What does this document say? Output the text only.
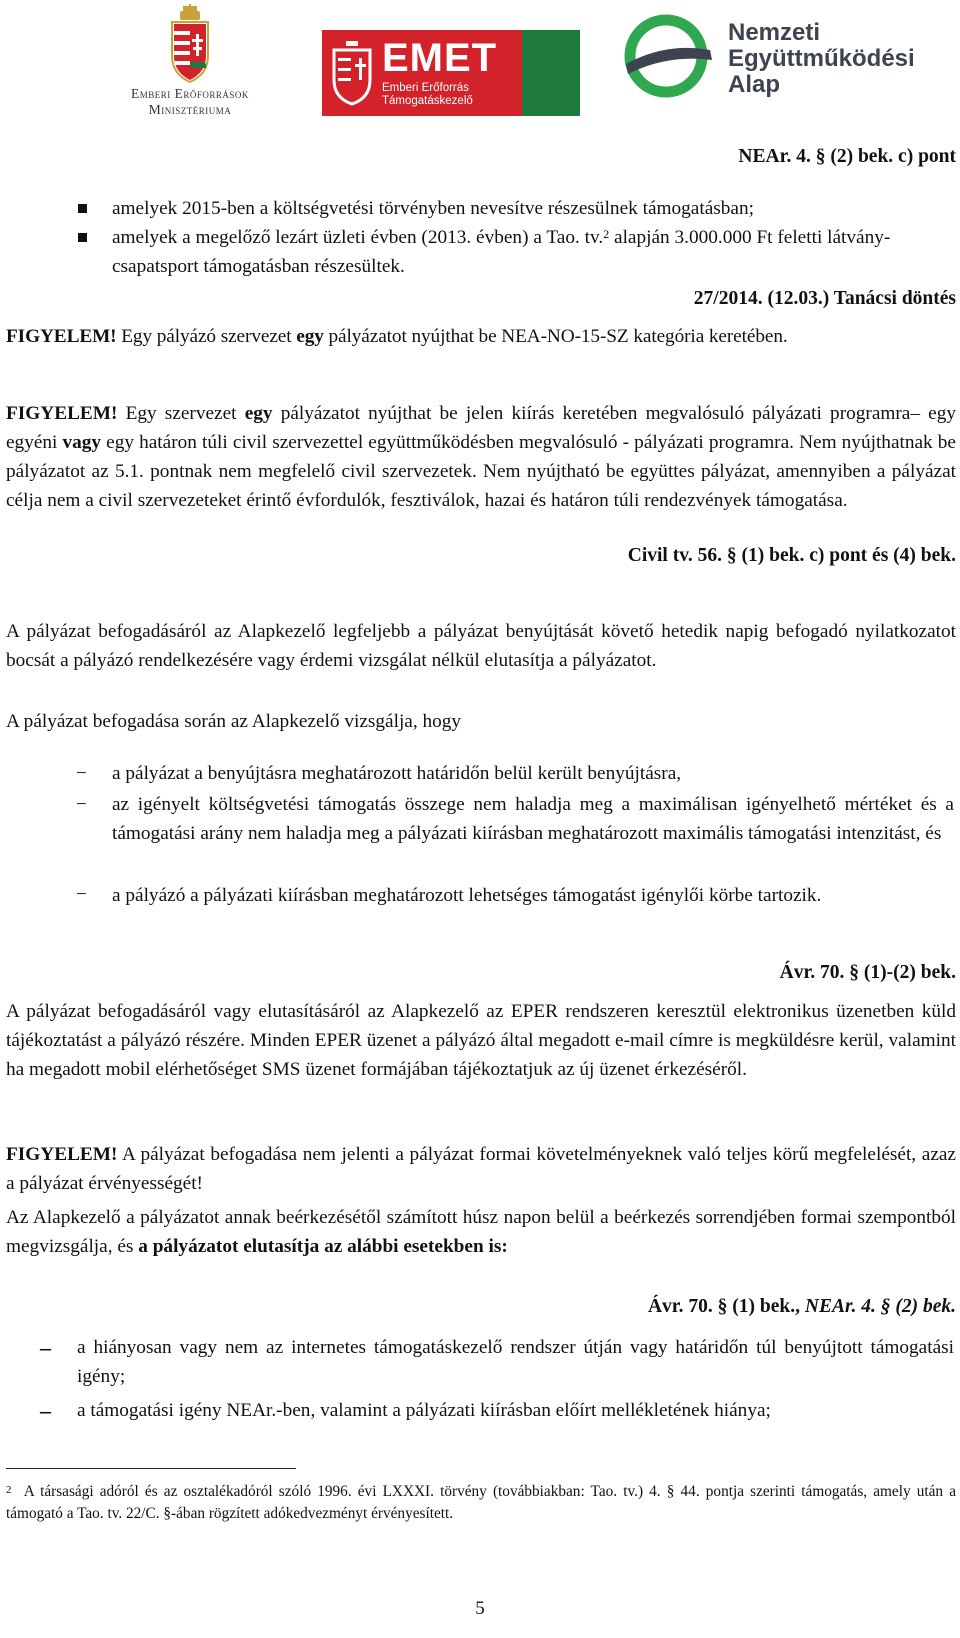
Emberi Erőforrások
Minisztériuma
EMET
Emberi Erőforrás
Támogatáskezelő
Nemzeti
Együttműködési
Alap
NEAr. 4. § (2) bek. c) pont
amelyek 2015-ben a költségvetési törvényben nevesítve részesülnek támogatásban;
amelyek a megelőző lezárt üzleti évben (2013. évben) a Tao. tv.$^2$ alapján 3.000.000 Ft feletti látvány-csapatsport támogatásban részesültek.
27/2014. (12.03.) Tanácsi döntés

FIGYELEM! Egy pályázó szervezet egy pályázatot nyújthat be NEA-NO-15-SZ kategória keretében.

FIGYELEM! Egy szervezet egy pályázatot nyújthat be jelen kiírás keretében megvalósuló pályázati programra– egy egyéni vagy egy határon túli civil szervezettel együttműködésben megvalósuló - pályázati programra. Nem nyújthatnak be pályázatot az 5.1. pontnak nem megfelelő civil szervezetek. Nem nyújtható be együttes pályázat, amennyiben a pályázat célja nem a civil szervezeteket érintő évfordulók, fesztiválok, hazai és határon túli rendezvények támogatása.

Civil tv. 56. § (1) bek. c) pont és (4) bek.

A pályázat befogadásáról az Alapkezelő legfeljebb a pályázat benyújtását követő hetedik napig befogadó nyilatkozatot bocsát a pályázó rendelkezésére vagy érdemi vizsgálat nélkül elutasítja a pályázatot.

A pályázat befogadása során az Alapkezelő vizsgálja, hogy

− a pályázat a benyújtásra meghatározott határidőn belül került benyújtásra,
− az igényelt költségvetési támogatás összege nem haladja meg a maximálisan igényelhető mértéket és a támogatási arány nem haladja meg a pályázati kiírásban meghatározott maximális támogatási intenzitást, és
− a pályázó a pályázati kiírásban meghatározott lehetséges támogatást igénylői körbe tartozik.
Ávr. 70. § (1)-(2) bek.

A pályázat befogadásáról vagy elutasításáról az Alapkezelő az EPER rendszeren keresztül elektronikus üzenetben küld tájékoztatást a pályázó részére. Minden EPER üzenet a pályázó által megadott e-mail címre is megküldésre kerül, valamint ha megadott mobil elérhetőséget SMS üzenet formájában tájékoztatjuk az új üzenet érkezéséről.

FIGYELEM! A pályázat befogadása nem jelenti a pályázat formai követelményeknek való teljes körű megfelelését, azaz a pályázat érvényességét!

Az Alapkezelő a pályázatot annak beérkezésétől számított húsz napon belül a beérkezés sorrendjében formai szempontból megvizsgálja, és a pályázatot elutasítja az alábbi esetekben is:

Ávr. 70. § (1) bek., NEAr. 4. § (2) bek.
– a hiányosan vagy nem az internetes támogatáskezelő rendszer útján vagy határidőn túl benyújtott támogatási igény;
– a támogatási igény NEAr.-ben, valamint a pályázati kiírásban előírt mellékletének hiánya;
$^2$ A társasági adóról és az osztalékadóról szóló 1996. évi LXXXI. törvény (továbbiakban: Tao. tv.) 4. § 44. pontja szerinti támogatás, amely után a támogató a Tao. tv. 22/C. §-ában rögzített adókedvezményt érvényesített.
5
